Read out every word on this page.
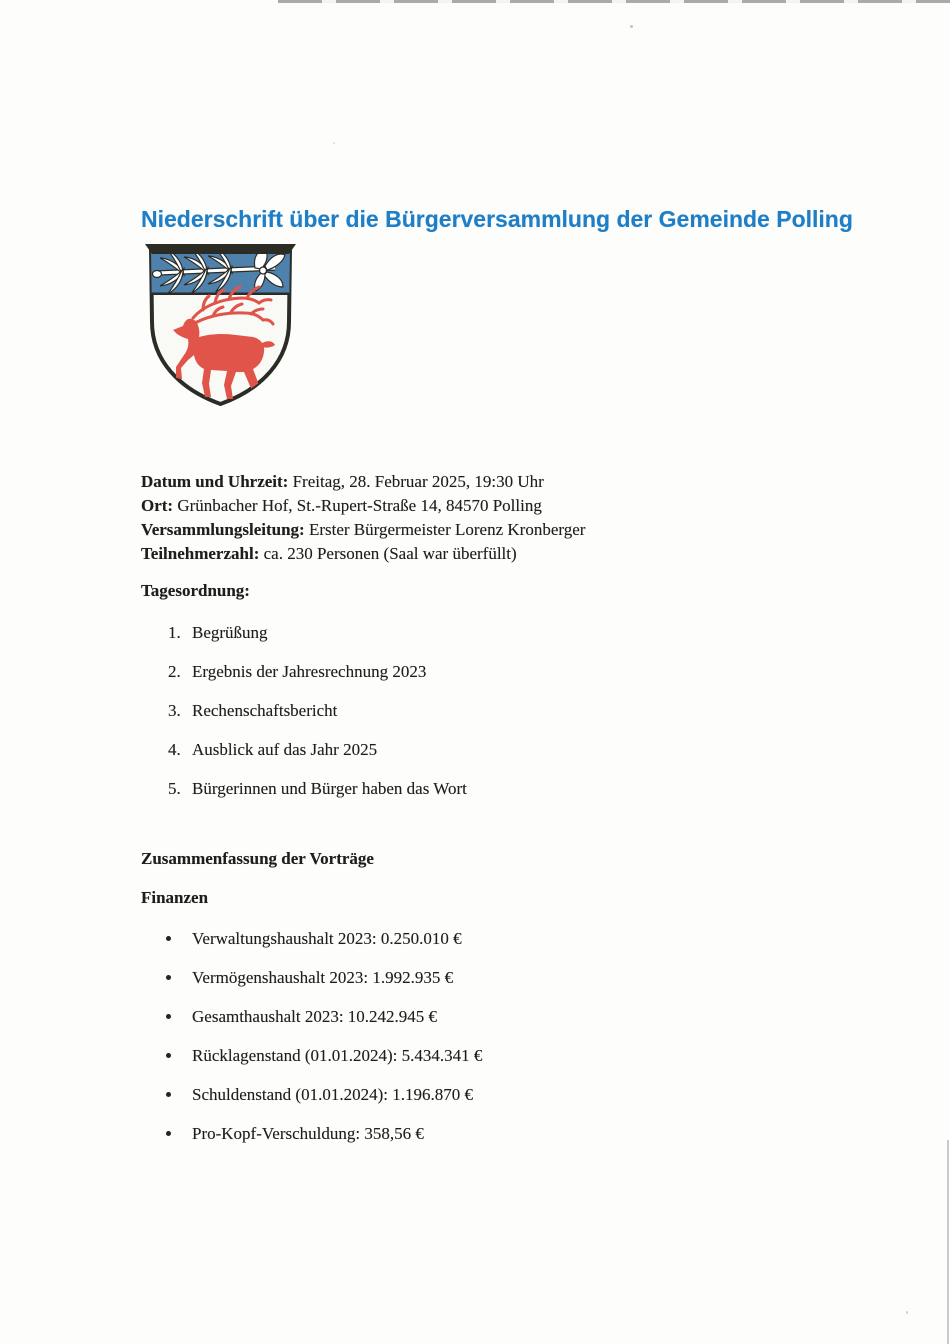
Niederschrift über die Bürgerversammlung der Gemeinde Polling
Datum und Uhrzeit: Freitag, 28. Februar 2025, 19:30 Uhr
Ort: Grünbacher Hof, St.-Rupert-Straße 14, 84570 Polling
Versammlungsleitung: Erster Bürgermeister Lorenz Kronberger
Teilnehmerzahl: ca. 230 Personen (Saal war überfüllt)
Tagesordnung:
1. Begrüßung
2. Ergebnis der Jahresrechnung 2023
3. Rechenschaftsbericht
4. Ausblick auf das Jahr 2025
5. Bürgerinnen und Bürger haben das Wort
Zusammenfassung der Vorträge
Finanzen
Verwaltungshaushalt 2023: 0.250.010 €
Vermögenshaushalt 2023: 1.992.935 €
Gesamthaushalt 2023: 10.242.945 €
Rücklagenstand (01.01.2024): 5.434.341 €
Schuldenstand (01.01.2024): 1.196.870 €
Pro-Kopf-Verschuldung: 358,56 €
